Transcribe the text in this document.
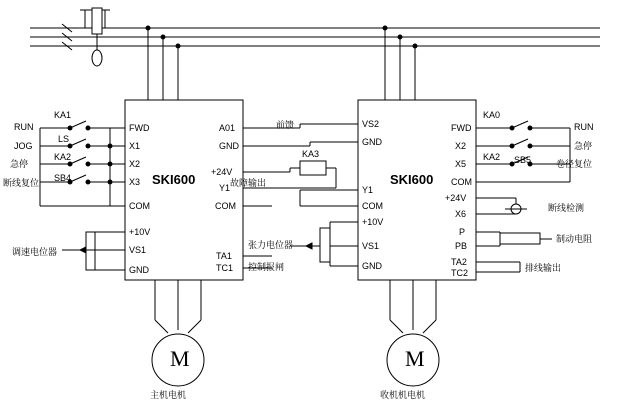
SKI600	SKI600
FWD
X1
X2
X3
COM
+10V
VS1
GND
A01
GND
+24V
Y1
COM
TA1
TC1
VS2
GND
Y1
COM
+10V
VS1
GND
FWD
X2
X5
COM
+24V
X6
P
PB
TA2
TC2
RUN
JOG
急停
断线复位
调速电位器
KA1
LS
KA2
SB4
前馈
KA3
故障输出
张力电位器
控制报闸
KA0
KA2 SB5
RUN
急停
卷径复位
断线检测
制动电阻
排线输出
M
主机电机
M
收机机电机
